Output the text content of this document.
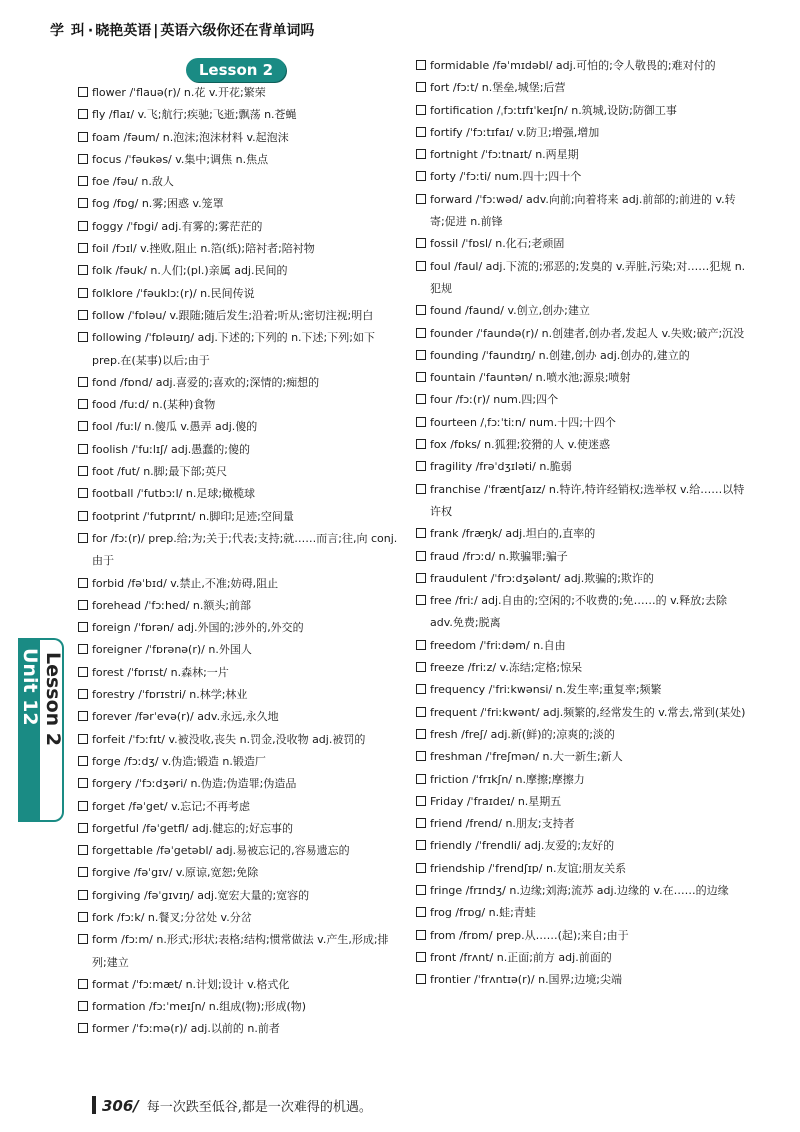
学 㺩 · 晓艳英语 | 英语六级你还在背单词吗
Lesson 2
flower /ˈflauə(r)/ n.花 v.开花;繁荣
fly /flaɪ/ v.飞;航行;疾驰;飞逝;飘荡 n.苍蝇
foam /fəum/ n.泡沫;泡沫材料 v.起泡沫
focus /ˈfəukəs/ v.集中;调焦 n.焦点
foe /fəu/ n.敌人
fog /fɒg/ n.雾;困惑 v.笼罩
foggy /ˈfɒgi/ adj.有雾的;雾茫茫的
foil /fɔɪl/ v.挫败,阻止 n.箔(纸);陪衬者;陪衬物
folk /fəuk/ n.人们;(pl.)亲属 adj.民间的
folklore /ˈfəuklɔː(r)/ n.民间传说
follow /ˈfɒləu/ v.跟随;随后发生;沿着;听从;密切注视;明白
following /ˈfɒləuɪŋ/ adj.下述的;下列的 n.下述;下列;如下 prep.在(某事)以后;由于
fond /fɒnd/ adj.喜爱的;喜欢的;深情的;痴想的
food /fuːd/ n.(某种)食物
fool /fuːl/ n.傻瓜 v.愚弄 adj.傻的
foolish /ˈfuːlɪʃ/ adj.愚蠢的;傻的
foot /fut/ n.脚;最下部;英尺
football /ˈfutbɔːl/ n.足球;橄榄球
footprint /ˈfutprɪnt/ n.脚印;足迹;空间量
for /fɔː(r)/ prep.给;为;关于;代表;支持;就……而言;往,向 conj.由于
forbid /fəˈbɪd/ v.禁止,不准;妨碍,阻止
forehead /ˈfɔːhed/ n.额头;前部
foreign /ˈfɒrən/ adj.外国的;涉外的,外交的
foreigner /ˈfɒrənə(r)/ n.外国人
forest /ˈfɒrɪst/ n.森林;一片
forestry /ˈfɒrɪstri/ n.林学;林业
forever /fərˈevə(r)/ adv.永远,永久地
forfeit /ˈfɔːfɪt/ v.被没收,丧失 n.罚金,没收物 adj.被罚的
forge /fɔːdʒ/ v.伪造;锻造 n.锻造厂
forgery /ˈfɔːdʒəri/ n.伪造;伪造罪;伪造品
forget /fəˈget/ v.忘记;不再考虑
forgetful /fəˈgetfl/ adj.健忘的;好忘事的
forgettable /fəˈgetəbl/ adj.易被忘记的,容易遗忘的
forgive /fəˈgɪv/ v.原谅,宽恕;免除
forgiving /fəˈgɪvɪŋ/ adj.宽宏大量的;宽容的
fork /fɔːk/ n.餐叉;分岔处 v.分岔
form /fɔːm/ n.形式;形状;表格;结构;惯常做法 v.产生,形成;排列;建立
format /ˈfɔːmæt/ n.计划;设计 v.格式化
formation /fɔːˈmeɪʃn/ n.组成(物);形成(物)
former /ˈfɔːmə(r)/ adj.以前的 n.前者
formidable /fəˈmɪdəbl/ adj.可怕的;令人敬畏的;难对付的
fort /fɔːt/ n.堡垒,城堡;后营
fortification /ˌfɔːtɪfɪˈkeɪʃn/ n.筑城,设防;防御工事
fortify /ˈfɔːtɪfaɪ/ v.防卫;增强,增加
fortnight /ˈfɔːtnaɪt/ n.两星期
forty /ˈfɔːti/ num.四十;四十个
forward /ˈfɔːwəd/ adv.向前;向着将来 adj.前部的;前进的 v.转寄;促进 n.前锋
fossil /ˈfɒsl/ n.化石;老顽固
foul /faul/ adj.下流的;邪恶的;发臭的 v.弄脏,污染;对……犯规 n.犯规
found /faund/ v.创立,创办;建立
founder /ˈfaundə(r)/ n.创建者,创办者,发起人 v.失败;破产;沉没
founding /ˈfaundɪŋ/ n.创建,创办 adj.创办的,建立的
fountain /ˈfauntən/ n.喷水池;源泉;喷射
four /fɔː(r)/ num.四;四个
fourteen /ˌfɔːˈtiːn/ num.十四;十四个
fox /fɒks/ n.狐狸;狡猾的人 v.使迷惑
fragility /frəˈdʒɪləti/ n.脆弱
franchise /ˈfræntʃaɪz/ n.特许,特许经销权;选举权 v.给……以特许权
frank /fræŋk/ adj.坦白的,直率的
fraud /frɔːd/ n.欺骗罪;骗子
fraudulent /ˈfrɔːdʒələnt/ adj.欺骗的;欺诈的
free /friː/ adj.自由的;空闲的;不收费的;免……的 v.释放;去除 adv.免费;脱离
freedom /ˈfriːdəm/ n.自由
freeze /friːz/ v.冻结;定格;惊呆
frequency /ˈfriːkwənsi/ n.发生率;重复率;频繁
frequent /ˈfriːkwənt/ adj.频繁的,经常发生的 v.常去,常到(某处)
fresh /freʃ/ adj.新(鲜)的;凉爽的;淡的
freshman /ˈfreʃmən/ n.大一新生;新人
friction /ˈfrɪkʃn/ n.摩擦;摩擦力
Friday /ˈfraɪdeɪ/ n.星期五
friend /frend/ n.朋友;支持者
friendly /ˈfrendli/ adj.友爱的;友好的
friendship /ˈfrendʃɪp/ n.友谊;朋友关系
fringe /frɪndʒ/ n.边缘;刘海;流苏 adj.边缘的 v.在……的边缘
frog /frɒg/ n.蛙;青蛙
from /frɒm/ prep.从……(起);来自;由于
front /frʌnt/ n.正面;前方 adj.前面的
frontier /ˈfrʌntɪə(r)/ n.国界;边境;尖端
Unit 12 Lesson 2
306/ 每一次跌至低谷,都是一次难得的机遇。
